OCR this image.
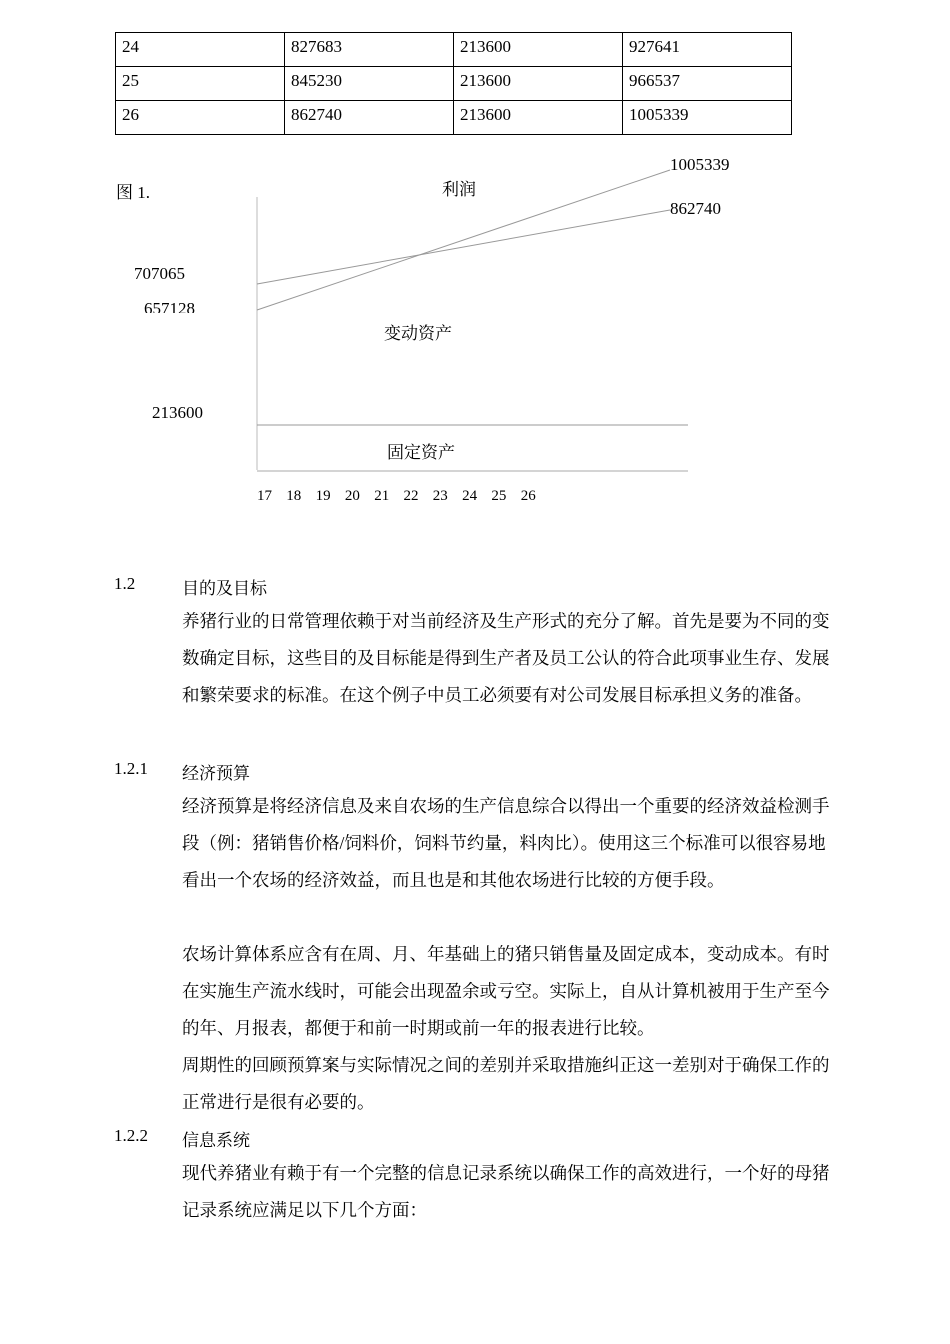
24	827683	213600	927641
25	845230	213600	966537
26	862740	213600	1005339
图 1.	利润
1005339
862740
707065
657128
变动资产
213600
固定资产
17 18 19 20 21 22 23 24 25 26
1.2	目的及目标
养猪行业的日常管理依赖于对当前经济及生产形式的充分了解。首先是要为不同的变数确定目标，这些目的及目标能是得到生产者及员工公认的符合此项事业生存、发展和繁荣要求的标准。在这个例子中员工必须要有对公司发展目标承担义务的准备。
1.2.1 经济预算
经济预算是将经济信息及来自农场的生产信息综合以得出一个重要的经济效益检测手段（例：猪销售价格/饲料价，饲料节约量，料肉比）。使用这三个标准可以很容易地看出一个农场的经济效益，而且也是和其他农场进行比较的方便手段。
农场计算体系应含有在周、月、年基础上的猪只销售量及固定成本，变动成本。有时在实施生产流水线时，可能会出现盈余或亏空。实际上，自从计算机被用于生产至今的年、月报表，都便于和前一时期或前一年的报表进行比较。
周期性的回顾预算案与实际情况之间的差别并采取措施纠正这一差别对于确保工作的正常进行是很有必要的。
1.2.2 信息系统
现代养猪业有赖于有一个完整的信息记录系统以确保工作的高效进行，一个好的母猪记录系统应满足以下几个方面：
